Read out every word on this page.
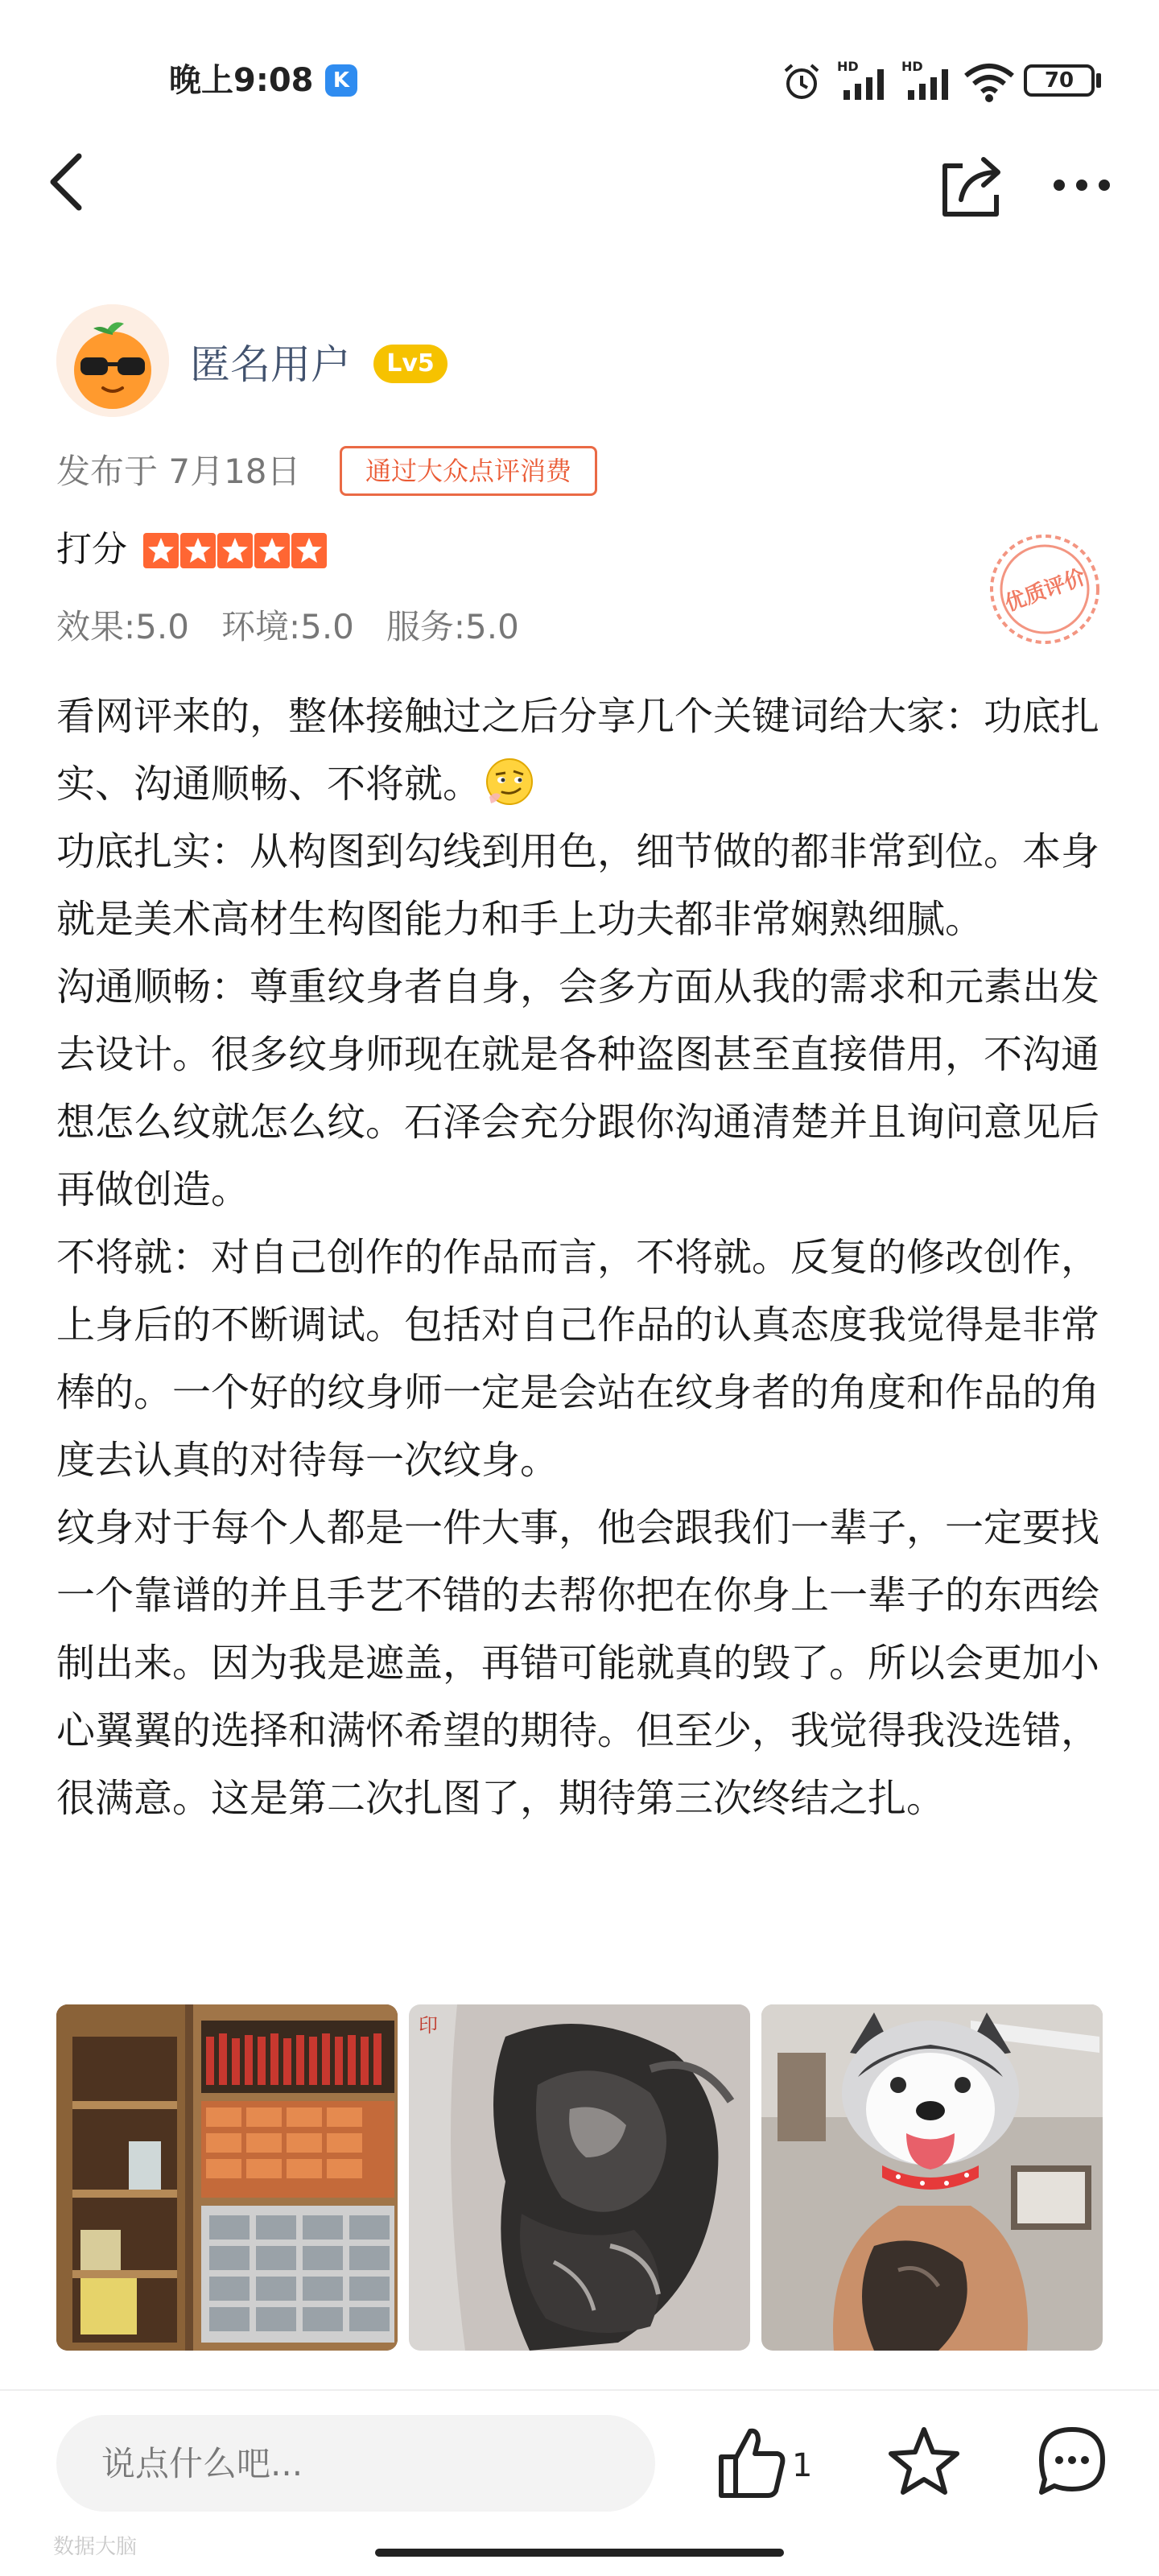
晚上9:08 K
HD	HD
70
匿名用户	Lv5
发布于 7月18日	通过大众点评消费
打分
效果:5.0 环境:5.0 服务:5.0
优质评价

看网评来的，整体接触过之后分享几个关键词给大家：功底扎实、沟通顺畅、不将就。

功底扎实：从构图到勾线到用色，细节做的都非常到位。本身就是美术高材生构图能力和手上功夫都非常娴熟细腻。

沟通顺畅：尊重纹身者自身，会多方面从我的需求和元素出发去设计。很多纹身师现在就是各种盗图甚至直接借用，不沟通想怎么纹就怎么纹。石泽会充分跟你沟通清楚并且询问意见后再做创造。

不将就：对自己创作的作品而言，不将就。反复的修改创作，上身后的不断调试。包括对自己作品的认真态度我觉得是非常棒的。一个好的纹身师一定是会站在纹身者的角度和作品的角度去认真的对待每一次纹身。

纹身对于每个人都是一件大事，他会跟我们一辈子，一定要找一个靠谱的并且手艺不错的去帮你把在你身上一辈子的东西绘制出来。因为我是遮盖，再错可能就真的毁了。所以会更加小心翼翼的选择和满怀希望的期待。但至少，我觉得我没选错，很满意。这是第二次扎图了，期待第三次终结之扎。

印
说点什么吧...
1
数据大脑
